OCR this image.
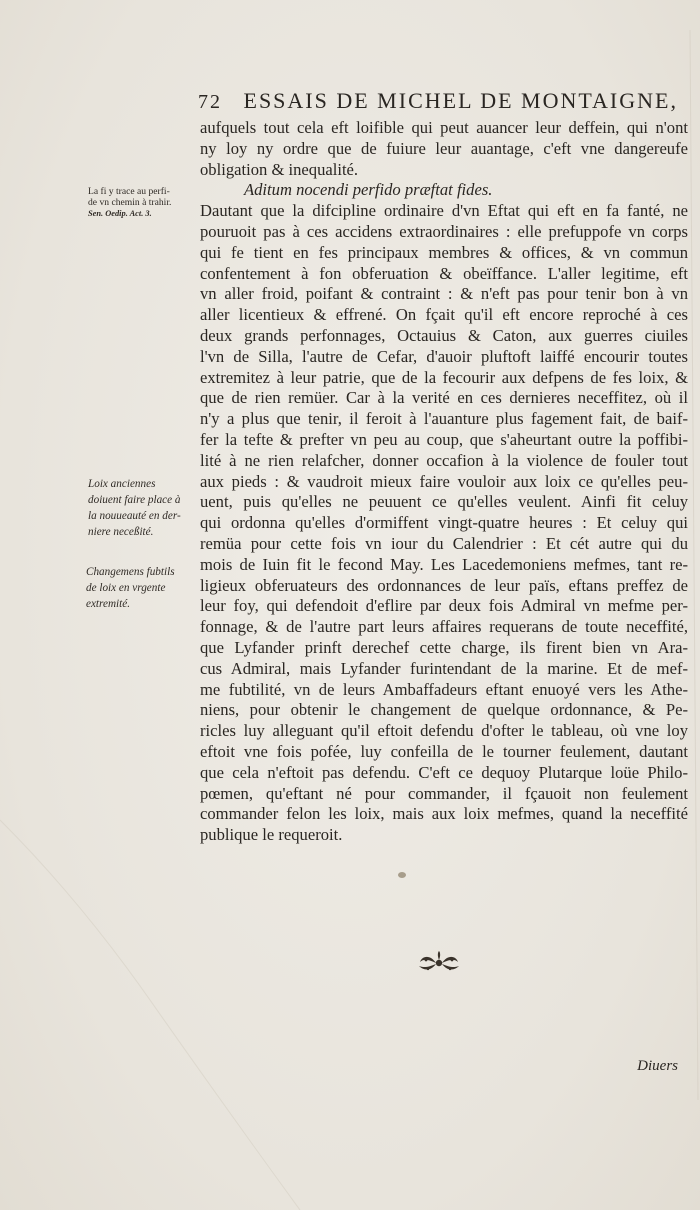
72 ESSAIS DE MICHEL DE MONTAIGNE,
aufquels tout cela eft loifible qui peut auancer leur deffein, qui n'ont
ny loy ny ordre que de fuiure leur auantage, c'eft vne dangereufe
obligation & inequalité.
Aditum nocendi perfido præftat fides.
Dautant que la difcipline ordinaire d'vn Eftat qui eft en fa fanté, ne
pouruoit pas à ces accidens extraordinaires : elle prefuppofe vn corps
qui fe tient en fes principaux membres & offices, & vn commun
confentement à fon obferuation & obeïffance. L'aller legitime, eft
vn aller froid, poifant & contraint : & n'eft pas pour tenir bon à vn
aller licentieux & effrené. On fçait qu'il eft encore reproché à ces
deux grands perfonnages, Octauius & Caton, aux guerres ciuiles
l'vn de Silla, l'autre de Cefar, d'auoir pluftoft laiffé encourir toutes
extremitez à leur patrie, que de la fecourir aux defpens de fes loix, &
que de rien remüer. Car à la verité en ces dernieres neceffitez, où il
n'y a plus que tenir, il feroit à l'auanture plus fagement fait, de baif-
fer la tefte & prefter vn peu au coup, que s'aheurtant outre la poffibi-
lité à ne rien relafcher, donner occafion à la violence de fouler tout
aux pieds : & vaudroit mieux faire vouloir aux loix ce qu'elles peu-
uent, puis qu'elles ne peuuent ce qu'elles veulent. Ainfi fit celuy
qui ordonna qu'elles d'ormiffent vingt-quatre heures : Et celuy qui
remüa pour cette fois vn iour du Calendrier : Et cét autre qui du
mois de Iuin fit le fecond May. Les Lacedemoniens mefmes, tant re-
ligieux obferuateurs des ordonnances de leur païs, eftans preffez de
leur foy, qui defendoit d'eflire par deux fois Admiral vn mefme per-
fonnage, & de l'autre part leurs affaires requerans de toute neceffité,
que Lyfander prinft derechef cette charge, ils firent bien vn Ara-
cus Admiral, mais Lyfander furintendant de la marine. Et de mef-
me fubtilité, vn de leurs Ambaffadeurs eftant enuoyé vers les Athe-
niens, pour obtenir le changement de quelque ordonnance, & Pe-
ricles luy alleguant qu'il eftoit defendu d'ofter le tableau, où vne loy
eftoit vne fois pofée, luy confeilla de le tourner feulement, dautant
que cela n'eftoit pas defendu. C'eft ce dequoy Plutarque loüe Philo-
pœmen, qu'eftant né pour commander, il fçauoit non feulement
commander felon les loix, mais aux loix mefmes, quand la neceffité
publique le requeroit.
La fi y trace au perfi-
de vn chemin à trahir.
Sen. Oedip. Act. 3.
Loix anciennes
doiuent faire place à
la nouueauté en der-
niere neceßité.
Changemens fubtils
de loix en vrgente
extremité.
Diuers
